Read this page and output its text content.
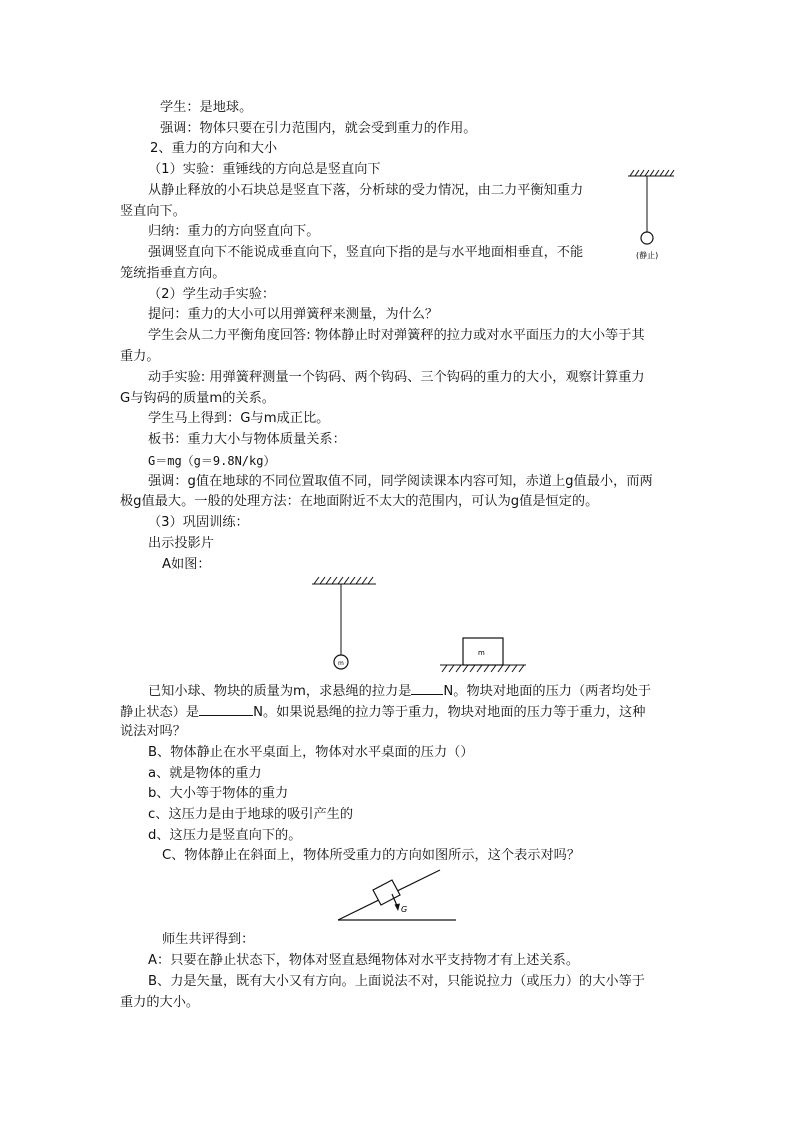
学生：是地球。
强调：物体只要在引力范围内，就会受到重力的作用。
2、重力的方向和大小
（1）实验：重锤线的方向总是竖直向下
从静止释放的小石块总是竖直下落，分析球的受力情况，由二力平衡知重力
竖直向下。
归纳：重力的方向竖直向下。
强调竖直向下不能说成垂直向下，竖直向下指的是与水平地面相垂直，不能
笼统指垂直方向。
（2）学生动手实验：
提问：重力的大小可以用弹簧秤来测量，为什么？
学生会从二力平衡角度回答: 物体静止时对弹簧秤的拉力或对水平面压力的大小等于其
重力。
动手实验: 用弹簧秤测量一个钩码、两个钩码、三个钩码的重力的大小，观察计算重力
G与钩码的质量m的关系。
学生马上得到：G与m成正比。
板书：重力大小与物体质量关系：
G＝mg（g＝9.8N/kg）
强调：g值在地球的不同位置取值不同，同学阅读课本内容可知，赤道上g值最小，而两
极g值最大。一般的处理方法：在地面附近不太大的范围内，可认为g值是恒定的。
（3）巩固训练：
出示投影片
A如图：
已知小球、物块的质量为m，求悬绳的拉力是 N。物块对地面的压力（两者均处于
静止状态）是	N。如果说悬绳的拉力等于重力，物块对地面的压力等于重力，这种
说法对吗？
B、物体静止在水平桌面上，物体对水平桌面的压力（）
a、就是物体的重力
b、大小等于物体的重力
c、这压力是由于地球的吸引产生的
d、这压力是竖直向下的。
C、物体静止在斜面上，物体所受重力的方向如图所示，这个表示对吗？
师生共评得到：
A：只要在静止状态下，物体对竖直悬绳物体对水平支持物才有上述关系。
B、力是矢量，既有大小又有方向。上面说法不对，只能说拉力（或压力）的大小等于
重力的大小。
(静止)
m
m
G
